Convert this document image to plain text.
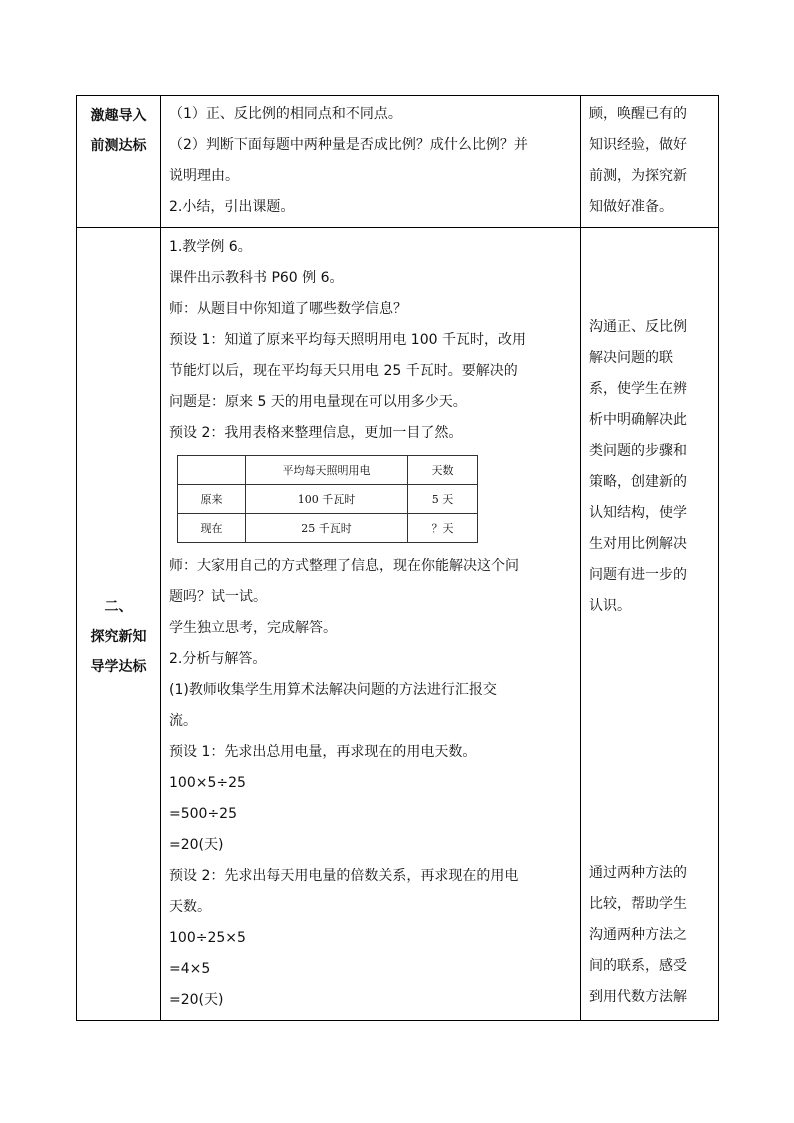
激趣导入
前测达标

（1）正、反比例的相同点和不同点。
（2）判断下面每题中两种量是否成比例？成什么比例？并
说明理由。
2.小结，引出课题。

顾，唤醒已有的
知识经验，做好
前测，为探究新
知做好准备。

二、
探究新知
导学达标

1.教学例 6。
课件出示教科书 P60 例 6。
师：从题目中你知道了哪些数学信息？
预设 1：知道了原来平均每天照明用电 100 千瓦时，改用
节能灯以后，现在平均每天只用电 25 千瓦时。要解决的
问题是：原来 5 天的用电量现在可以用多少天。
预设 2：我用表格来整理信息，更加一目了然。
	平均每天照明用电	天数
原来	100 千瓦时	5 天
现在	25 千瓦时	？天
师：大家用自己的方式整理了信息，现在你能解决这个问
题吗？试一试。
学生独立思考，完成解答。
2.分析与解答。
(1)教师收集学生用算术法解决问题的方法进行汇报交
流。
预设 1：先求出总用电量，再求现在的用电天数。
100×5÷25
=500÷25
=20(天)
预设 2：先求出每天用电量的倍数关系，再求现在的用电
天数。
100÷25×5
=4×5
=20(天)

沟通正、反比例
解决问题的联
系，使学生在辨
析中明确解决此
类问题的步骤和
策略，创建新的
认知结构，使学
生对用比例解决
问题有进一步的
认识。
通过两种方法的
比较，帮助学生
沟通两种方法之
间的联系，感受
到用代数方法解
